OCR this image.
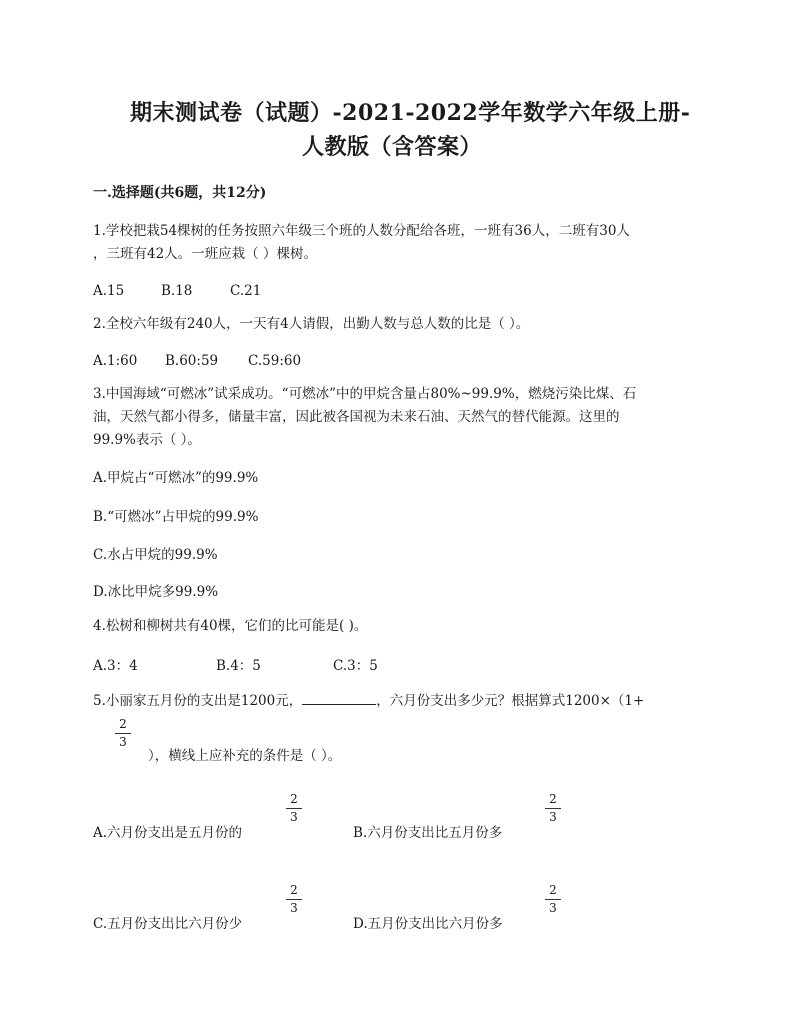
期末测试卷（试题）-2021-2022学年数学六年级上册-
人教版（含答案）
一.选择题(共6题，共12分)
1.学校把栽54棵树的任务按照六年级三个班的人数分配给各班，一班有36人，二班有30人
，三班有42人。一班应栽（ ）棵树。
A.15	B.18	C.21
2.全校六年级有240人，一天有4人请假，出勤人数与总人数的比是（ ）。
A.1:60 B.60:59 C.59:60
3.中国海域“可燃冰”试采成功。“可燃冰”中的甲烷含量占80%~99.9%，燃烧污染比煤、石
油，天然气都小得多，储量丰富，因此被各国视为未来石油、天然气的替代能源。这里的
99.9%表示（ ）。
A.甲烷占“可燃冰”的99.9%
B.“可燃冰”占甲烷的99.9%
C.水占甲烷的99.9%
D.冰比甲烷多99.9%
4.松树和柳树共有40棵，它们的比可能是( )。
A.3：4	B.4：5	C.3：5
5.小丽家五月份的支出是1200元，	，六月份支出多少元？根据算式1200×（1+
2
3
），横线上应补充的条件是（ ）。
A.六月份支出是五月份的
2
3
B.六月份支出比五月份多
2
3
C.五月份支出比六月份少
2
3
D.五月份支出比六月份多
2
3
